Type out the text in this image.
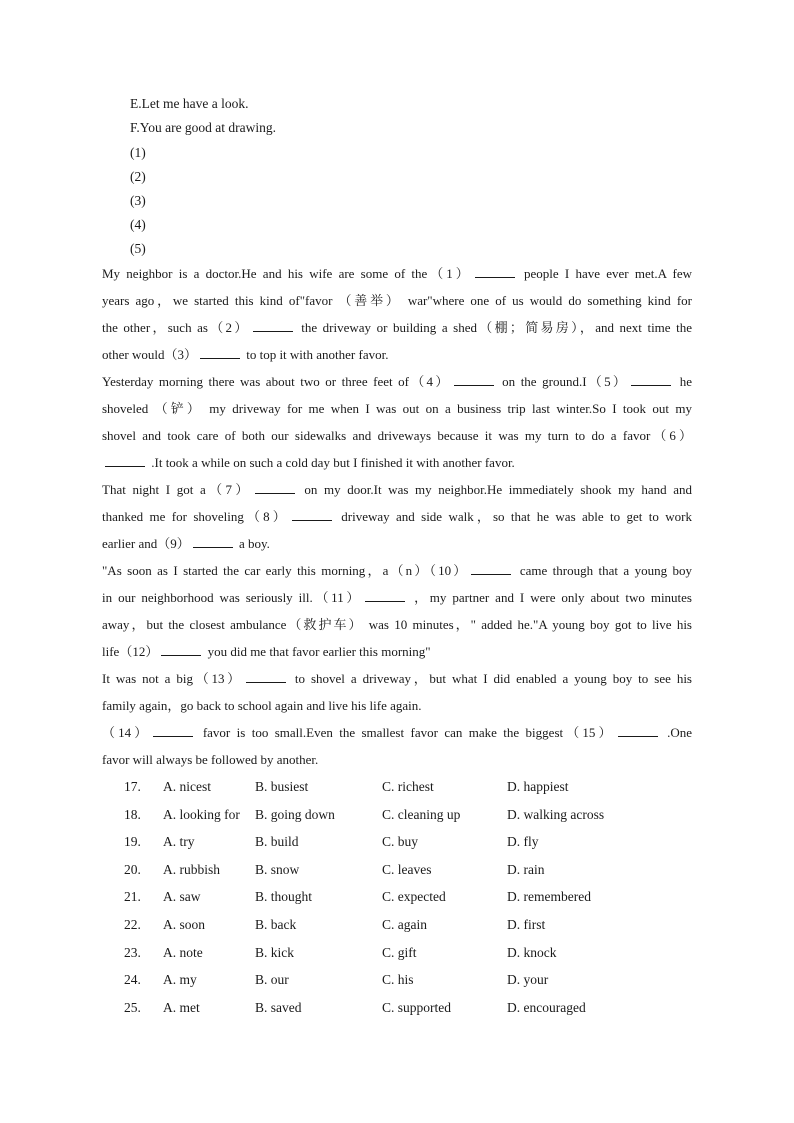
E.Let me have a look.
F.You are good at drawing.
(1)
(2)
(3)
(4)
(5)
My neighbor is a doctor.He and his wife are some of the（1）	people I have ever met.A few
years ago，we started this kind of"favor （善举） war"where one of us would do something kind for
the other，such as（2）	the driveway or building a shed（棚；简易房），and next time the
other would（3）	to top it with another favor.
Yesterday morning there was about two or three feet of（4）	on the ground.I（5）	he
shoveled （铲） my driveway for me when I was out on a business trip last winter.So I took out my
shovel and took care of both our sidewalks and driveways because it was my turn to do a favor（6）
.It took a while on such a cold day but I finished it with another favor.
That night I got a（7）	on my door.It was my neighbor.He immediately shook my hand and
thanked me for shoveling（8）	driveway and side walk，so that he was able to get to work
earlier and（9）	a boy.
"As soon as I started the car early this morning，a（n）（10）	came through that a young boy
in our neighborhood was seriously ill.（11）	，my partner and I were only about two minutes
away，but the closest ambulance（救护车） was 10 minutes，" added he."A young boy got to live his
life（12）	you did me that favor earlier this morning"
It was not a big（13）	to shovel a driveway，but what I did enabled a young boy to see his
family again，go back to school again and live his life again.
（14）	favor is too small.Even the smallest favor can make the biggest（15）	.One
favor will always be followed by another.
17.	A. nicest	B. busiest	C. richest	D. happiest
18.	A. looking for B. going down	C. cleaning up	D. walking across
19.	A. try	B. build	C. buy	D. fly
20.	A. rubbish	B. snow	C. leaves	D. rain
21.	A. saw	B. thought	C. expected	D. remembered
22.	A. soon	B. back	C. again	D. first
23.	A. note	B. kick	C. gift	D. knock
24.	A. my	B. our	C. his	D. your
25.	A. met	B. saved	C. supported	D. encouraged
